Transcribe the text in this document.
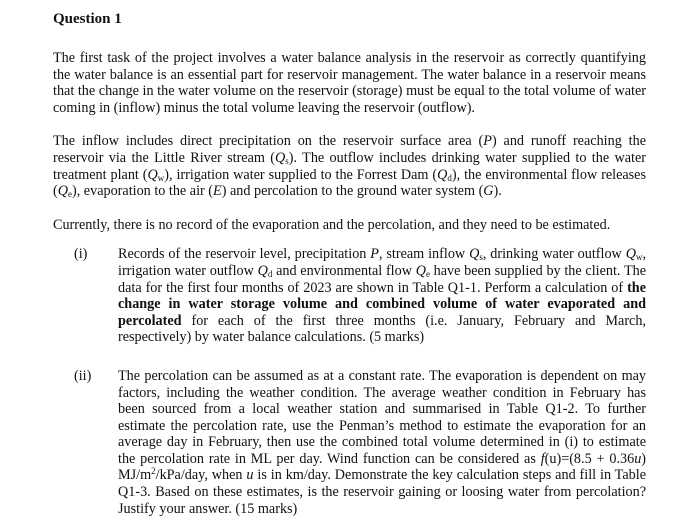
Question 1

The first task of the project involves a water balance analysis in the reservoir as correctly quantifying the water balance is an essential part for reservoir management. The water balance in a reservoir means that the change in the water volume on the reservoir (storage) must be equal to the total volume of water coming in (inflow) minus the total volume leaving the reservoir (outflow).

The inflow includes direct precipitation on the reservoir surface area (P) and runoff reaching the reservoir via the Little River stream $(Q_s)$. The outflow includes drinking water supplied to the water treatment plant $(Q_w)$, irrigation water supplied to the Forrest Dam $(Q_d)$, the environmental flow releases $(Q_e)$, evaporation to the air (E) and percolation to the ground water system (G).

Currently, there is no record of the evaporation and the percolation, and they need to be estimated.

(i)	Records of the reservoir level, precipitation P, stream inflow $Q_s$, drinking water outflow $Q_w$, irrigation water outflow $Q_d$ and environmental flow $Q_e$ have been supplied by the client. The data for the first four months of 2023 are shown in Table Q1-1. Perform a calculation of the change in water storage volume and combined volume of water evaporated and percolated for each of the first three months (i.e. January, February and March, respectively) by water balance calculations. (5 marks)
(ii)	The percolation can be assumed as at a constant rate. The evaporation is dependent on may factors, including the weather condition. The average weather condition in February has been sourced from a local weather station and summarised in Table Q1-2. To further estimate the percolation rate, use the Penman’s method to estimate the evaporation for an average day in February, then use the combined total volume determined in (i) to estimate the percolation rate in ML per day. Wind function can be considered as f(u)=(8.5 + 0.36u) $MJ/m^2/kPa$/day, when u is in km/day. Demonstrate the key calculation steps and fill in Table Q1-3. Based on these estimates, is the reservoir gaining or loosing water from percolation? Justify your answer. (15 marks)
